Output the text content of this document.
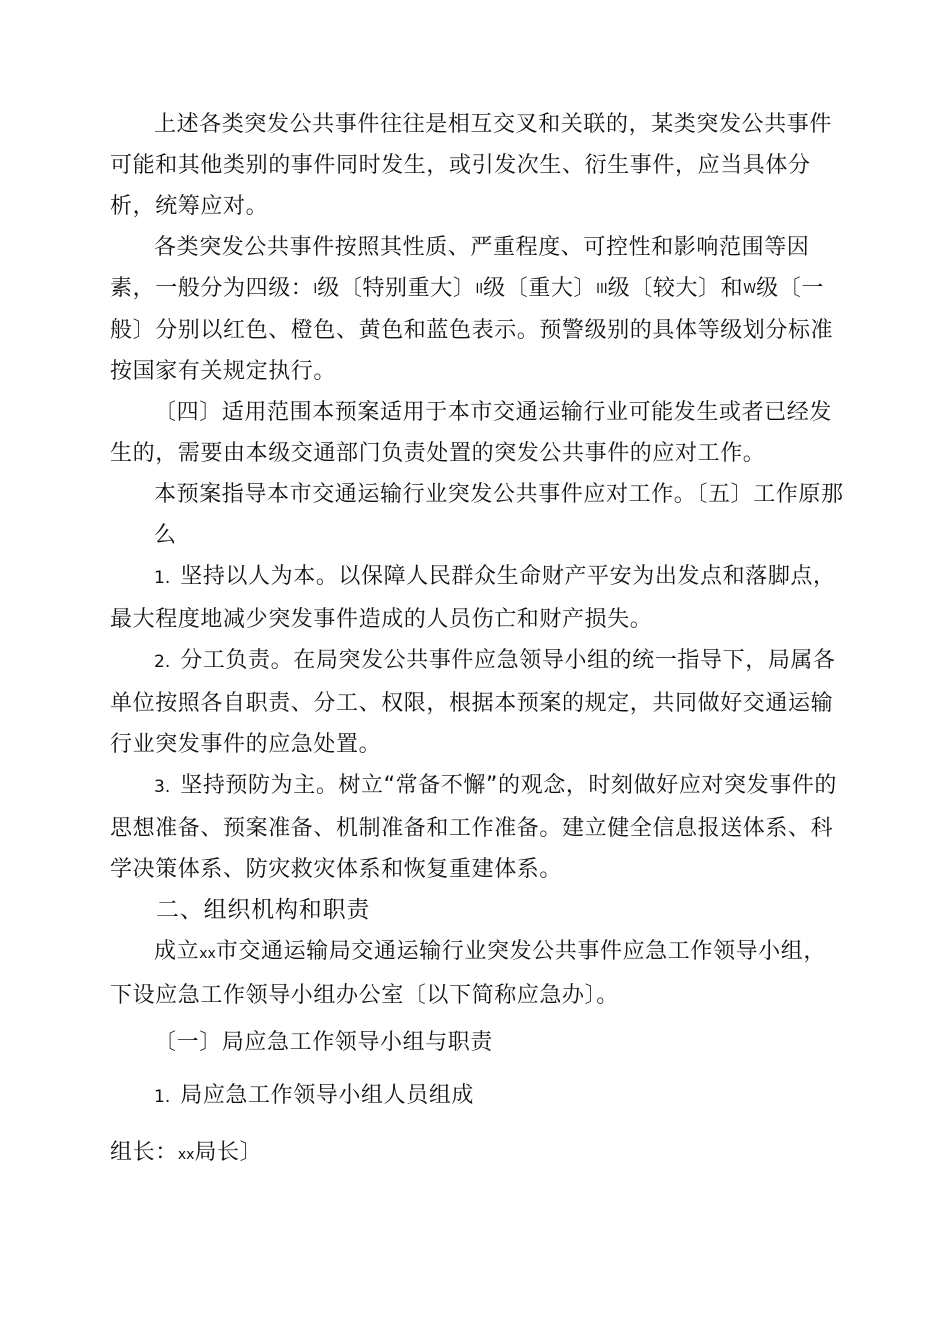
上述各类突发公共事件往往是相互交叉和关联的，某类突发公共事件可能和其他类别的事件同时发生，或引发次生、衍生事件，应当具体分析，统筹应对。

各类突发公共事件按照其性质、严重程度、可控性和影响范围等因素，一般分为四级：I级〔特别重大〕II级〔重大〕III级〔较大〕和W级〔一般〕分别以红色、橙色、黄色和蓝色表示。预警级别的具体等级划分标准按国家有关规定执行。

〔四〕适用范围本预案适用于本市交通运输行业可能发生或者已经发生的，需要由本级交通部门负责处置的突发公共事件的应对工作。

本预案指导本市交通运输行业突发公共事件应对工作。〔五〕工作原那么

1. 坚持以人为本。以保障人民群众生命财产平安为出发点和落脚点，最大程度地减少突发事件造成的人员伤亡和财产损失。

2. 分工负责。在局突发公共事件应急领导小组的统一指导下，局属各单位按照各自职责、分工、权限，根据本预案的规定，共同做好交通运输行业突发事件的应急处置。

3. 坚持预防为主。树立“常备不懈”的观念，时刻做好应对突发事件的思想准备、预案准备、机制准备和工作准备。建立健全信息报送体系、科学决策体系、防灾救灾体系和恢复重建体系。

二、组织机构和职责

成立xx市交通运输局交通运输行业突发公共事件应急工作领导小组，下设应急工作领导小组办公室〔以下简称应急办〕。

〔一〕局应急工作领导小组与职责

1. 局应急工作领导小组人员组成

组长：xx局长〕
